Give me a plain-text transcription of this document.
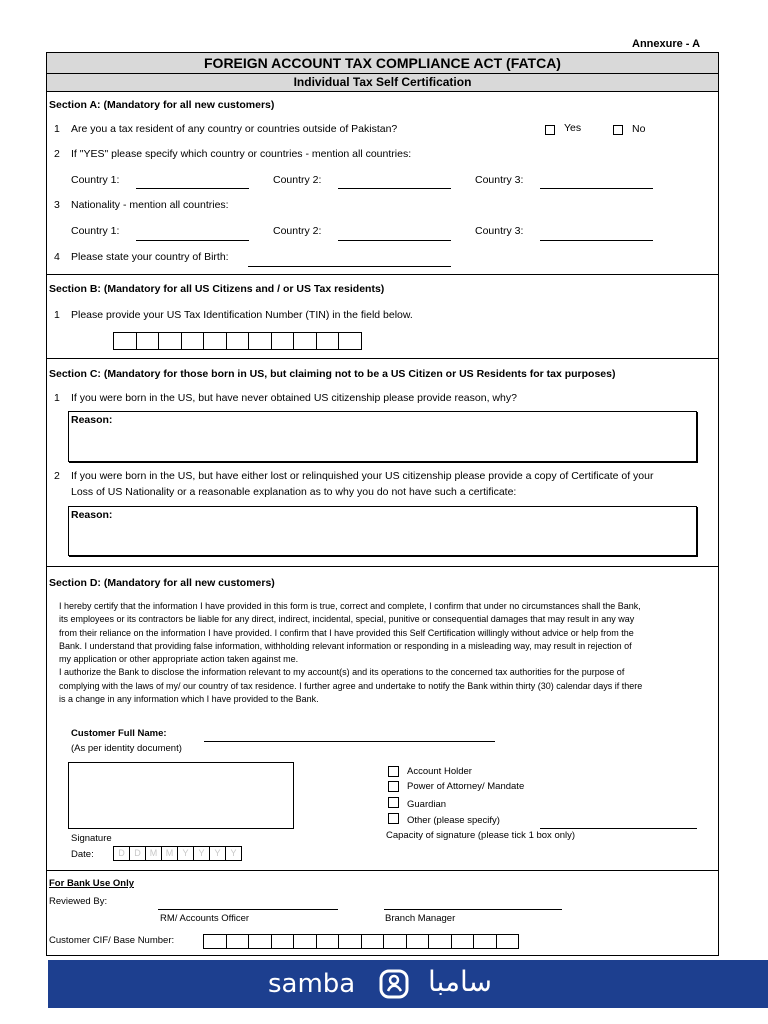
Annexure - A
FOREIGN ACCOUNT TAX COMPLIANCE ACT (FATCA)
Individual Tax Self Certification
Section A: (Mandatory for all new customers)
1 Are you a tax resident of any country or countries outside of Pakistan?	Yes	No
2 If "YES" please specify which country or countries - mention all countries:
Country 1:	Country 2:	Country 3:
3 Nationality - mention all countries:
Country 1:	Country 2:	Country 3:
4 Please state your country of Birth:
Section B: (Mandatory for all US Citizens and / or US Tax residents)
1 Please provide your US Tax Identification Number (TIN) in the field below.
Section C: (Mandatory for those born in US, but claiming not to be a US Citizen or US Residents for tax purposes)
1 If you were born in the US, but have never obtained US citizenship please provide reason, why?
Reason:
2 If you were born in the US, but have either lost or relinquished your US citizenship please provide a copy of Certificate of your
Loss of US Nationality or a reasonable explanation as to why you do not have such a certificate:
Reason:
Section D: (Mandatory for all new customers)
I hereby certify that the information I have provided in this form is true, correct and complete, I confirm that under no circumstances shall the Bank,
its employees or its contractors be liable for any direct, indirect, incidental, special, punitive or consequential damages that may result in any way
from their reliance on the information I have provided. I confirm that I have provided this Self Certification willingly without advice or help from the
Bank. I understand that providing false information, withholding relevant information or responding in a misleading way, may result in rejection of
my application or other appropriate action taken against me.
I authorize the Bank to disclose the information relevant to my account(s) and its operations to the concerned tax authorities for the purpose of
complying with the laws of my/ our country of tax residence. I further agree and undertake to notify the Bank within thirty (30) calendar days if there
is a change in any information which I have provided to the Bank.
Customer Full Name:
(As per identity document)
Signature
Date:	D	D	M M	Y	Y	Y	Y
Account Holder
Power of Attorney/ Mandate
Guardian
Other (please specify)
Capacity of signature (please tick 1 box only)
For Bank Use Only
Reviewed By:
RM/ Accounts Officer	Branch Manager
Customer CIF/ Base Number:
samba	سامبا
